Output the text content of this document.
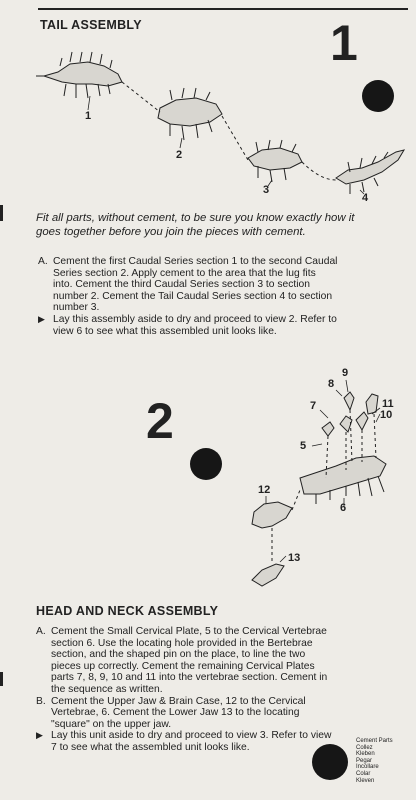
TAIL ASSEMBLY	1
1
2
3
4
Fit all parts, without cement, to be sure you know exactly how it goes together before you join the pieces with cement.
A. Cement the first Caudal Series section 1 to the second Caudal Series section 2. Apply cement to the area that the lug fits into. Cement the third Caudal Series section 3 to section number 2. Cement the Tail Caudal Series section 4 to section number 3.
▶ Lay this assembly aside to dry and proceed to view 2. Refer to view 6 to see what this assembled unit looks like.
2	5
6
7
8
9
10
11
12
13
HEAD AND NECK ASSEMBLY
A. Cement the Small Cervical Plate, 5 to the Cervical Vertebrae section 6. Use the locating hole provided in the Bertebrae section, and the shaped pin on the place, to line the two pieces up correctly. Cement the remaining Cervical Plates parts 7, 8, 9, 10 and 11 into the vertebrae section. Cement in the sequence as written.
B. Cement the Upper Jaw & Brain Case, 12 to the Cervical Vertebrae, 6. Cement the Lower Jaw 13 to the locating "square" on the upper jaw.
▶ Lay this unit aside to dry and proceed to view 3. Refer to view 7 to see what the assembled unit looks like.
Cement Parts
Collez
Kleben
Pegar
Incollare
Colar
Kleven
